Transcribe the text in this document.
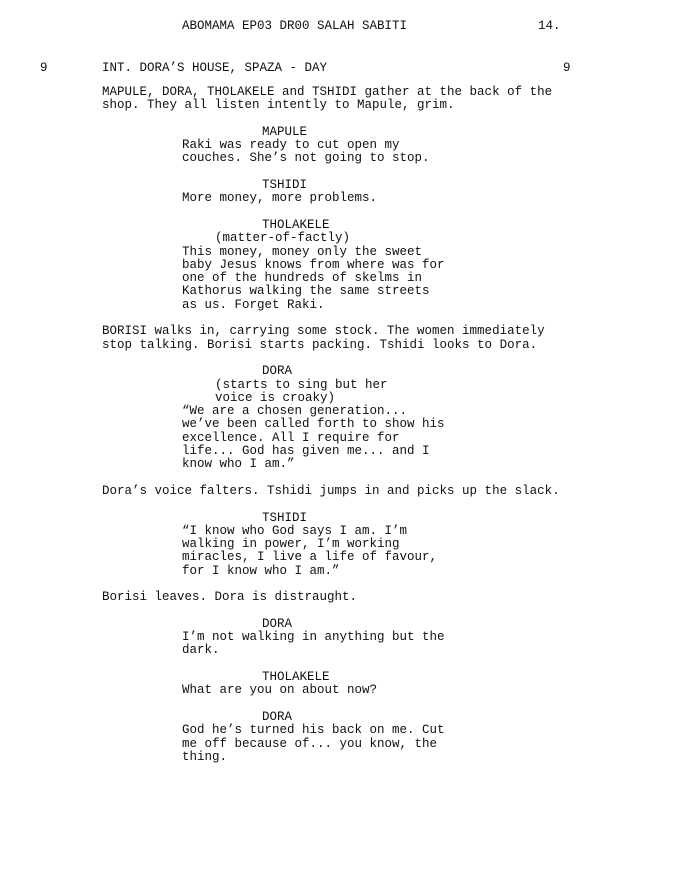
ABOMAMA EP03 DR00 SALAH SABITI	14.
9	INT. DORA’S HOUSE, SPAZA - DAY	9
MAPULE, DORA, THOLAKELE and TSHIDI gather at the back of the
shop. They all listen intently to Mapule, grim.
MAPULE
Raki was ready to cut open my
couches. She’s not going to stop.
TSHIDI
More money, more problems.
THOLAKELE
(matter-of-factly)
This money, money only the sweet
baby Jesus knows from where was for
one of the hundreds of skelms in
Kathorus walking the same streets
as us. Forget Raki.
BORISI walks in, carrying some stock. The women immediately
stop talking. Borisi starts packing. Tshidi looks to Dora.
DORA
(starts to sing but her
voice is croaky)
“We are a chosen generation...
we’ve been called forth to show his
excellence. All I require for
life... God has given me... and I
know who I am.”
Dora’s voice falters. Tshidi jumps in and picks up the slack.
TSHIDI
“I know who God says I am. I’m
walking in power, I’m working
miracles, I live a life of favour,
for I know who I am.”
Borisi leaves. Dora is distraught.
DORA
I’m not walking in anything but the
dark.
THOLAKELE
What are you on about now?
DORA
God he’s turned his back on me. Cut
me off because of... you know, the
thing.
